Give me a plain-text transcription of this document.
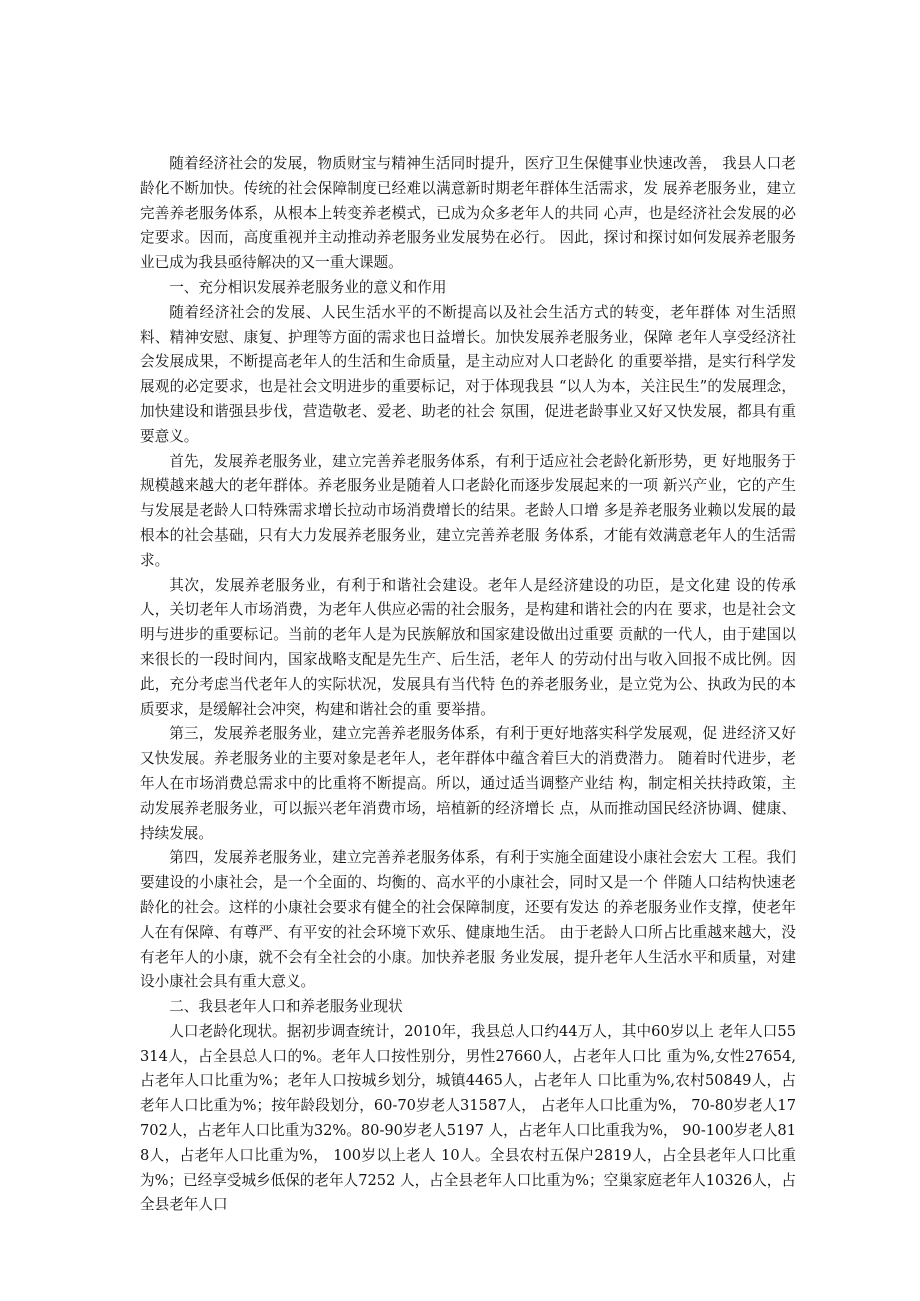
随着经济社会的发展，物质财宝与精神生活同时提升，医疗卫生保健事业快速改善， 我县人口老龄化不断加快。传统的社会保障制度已经难以满意新时期老年群体生活需求，发 展养老服务业，建立完善养老服务体系，从根本上转变养老模式，已成为众多老年人的共同 心声，也是经济社会发展的必定要求。因而，高度重视并主动推动养老服务业发展势在必行。 因此，探讨和探讨如何发展养老服务业已成为我县亟待解决的又一重大课题。

一、充分相识发展养老服务业的意义和作用

随着经济社会的发展、人民生活水平的不断提高以及社会生活方式的转变，老年群体 对生活照料、精神安慰、康复、护理等方面的需求也日益增长。加快发展养老服务业，保障 老年人享受经济社会发展成果，不断提高老年人的生活和生命质量，是主动应对人口老龄化 的重要举措，是实行科学发展观的必定要求，也是社会文明进步的重要标记，对于体现我县 “以人为本，关注民生”的发展理念，加快建设和谐强县步伐，营造敬老、爱老、助老的社会 氛围，促进老龄事业又好又快发展，都具有重要意义。

首先，发展养老服务业，建立完善养老服务体系，有利于适应社会老龄化新形势，更 好地服务于规模越来越大的老年群体。养老服务业是随着人口老龄化而逐步发展起来的一项 新兴产业，它的产生与发展是老龄人口特殊需求增长拉动市场消费增长的结果。老龄人口增 多是养老服务业赖以发展的最根本的社会基础，只有大力发展养老服务业，建立完善养老服 务体系，才能有效满意老年人的生活需求。

其次，发展养老服务业，有利于和谐社会建设。老年人是经济建设的功臣，是文化建 设的传承人，关切老年人市场消费，为老年人供应必需的社会服务，是构建和谐社会的内在 要求，也是社会文明与进步的重要标记。当前的老年人是为民族解放和国家建设做出过重要 贡献的一代人，由于建国以来很长的一段时间内，国家战略支配是先生产、后生活，老年人 的劳动付出与收入回报不成比例。因此，充分考虑当代老年人的实际状况，发展具有当代特 色的养老服务业，是立党为公、执政为民的本质要求，是缓解社会冲突，构建和谐社会的重 要举措。

第三，发展养老服务业，建立完善养老服务体系，有利于更好地落实科学发展观，促 进经济又好又快发展。养老服务业的主要对象是老年人，老年群体中蕴含着巨大的消费潜力。 随着时代进步，老年人在市场消费总需求中的比重将不断提高。所以，通过适当调整产业结 构，制定相关扶持政策，主动发展养老服务业，可以振兴老年消费市场，培植新的经济增长 点，从而推动国民经济协调、健康、持续发展。

第四，发展养老服务业，建立完善养老服务体系，有利于实施全面建设小康社会宏大 工程。我们要建设的小康社会，是一个全面的、均衡的、高水平的小康社会，同时又是一个 伴随人口结构快速老龄化的社会。这样的小康社会要求有健全的社会保障制度，还要有发达 的养老服务业作支撑，使老年人在有保障、有尊严、有平安的社会环境下欢乐、健康地生活。 由于老龄人口所占比重越来越大，没有老年人的小康，就不会有全社会的小康。加快养老服 务业发展，提升老年人生活水平和质量，对建设小康社会具有重大意义。

二、我县老年人口和养老服务业现状

人口老龄化现状。据初步调查统计，2010年，我县总人口约44万人，其中60岁以上 老年人口55314人，占全县总人口的%。老年人口按性别分，男性27660人，占老年人口比 重为%,女性27654,占老年人口比重为%；老年人口按城乡划分，城镇4465人，占老年人 口比重为%,农村50849人，占老年人口比重为%；按年龄段划分，60-70岁老人31587人， 占老年人口比重为%， 70-80岁老人17702人，占老年人口比重为32%。80-90岁老人5197 人，占老年人口比重我为%， 90-100岁老人818人，占老年人口比重为%， 100岁以上老人 10人。全县农村五保户2819人，占全县老年人口比重为%；已经享受城乡低保的老年人7252 人，占全县老年人口比重为%；空巢家庭老年人10326人，占全县老年人口
